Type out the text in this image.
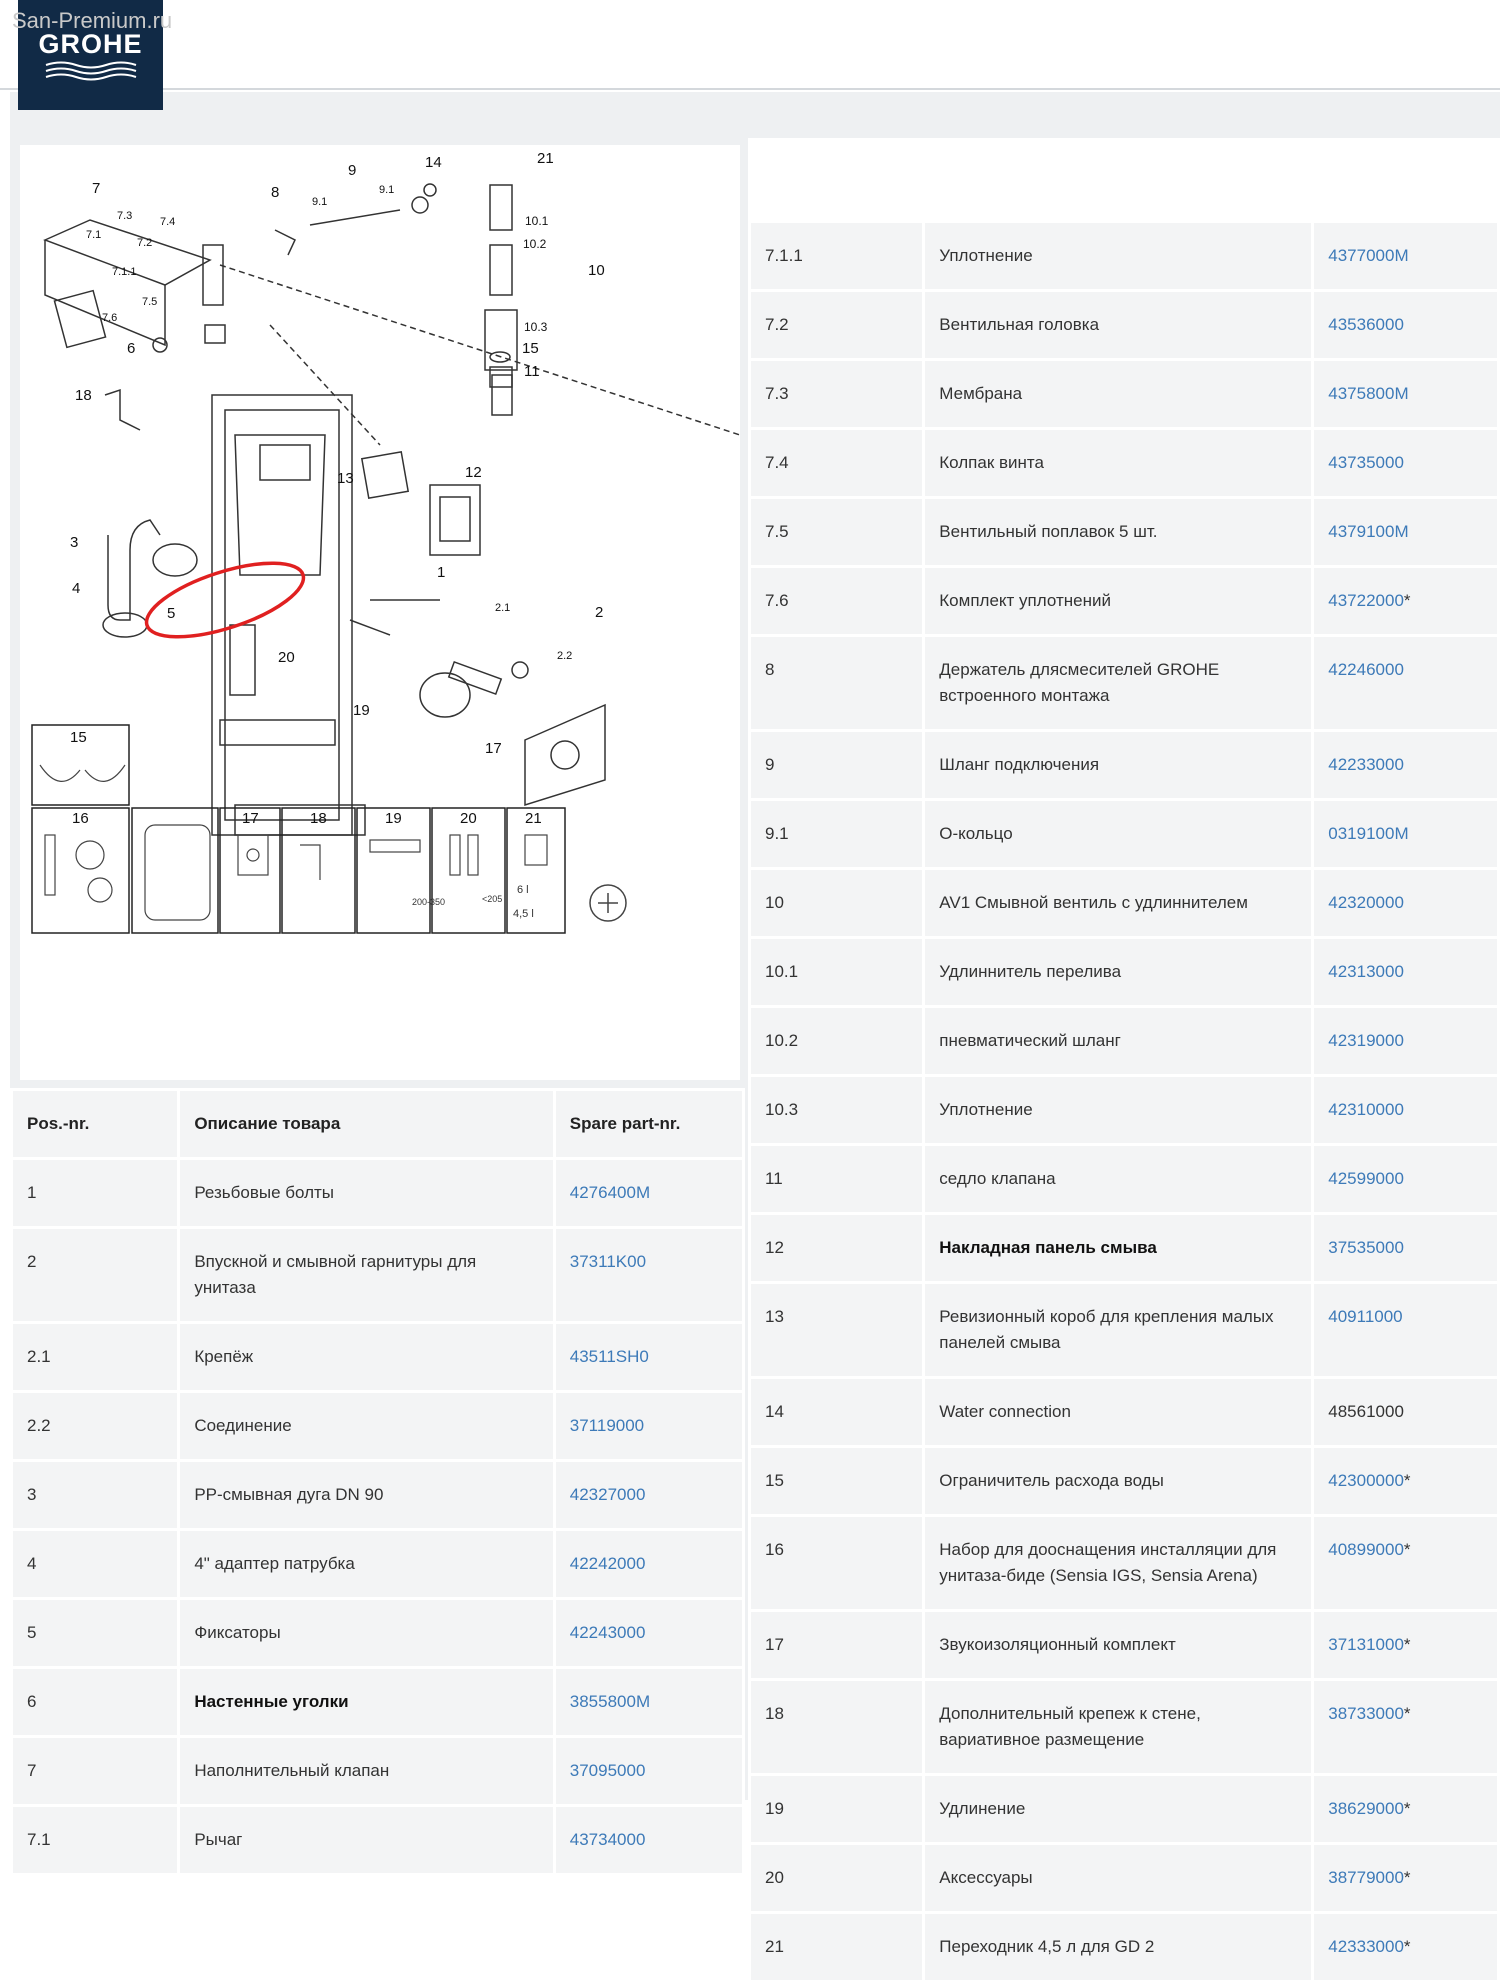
GROHE
San-Premium.ru
21
9	14
7
7.3	7.4
9.1
9.1
8
10.1
10.2
10
7.1
7.2
7.1.1
7.5
7.6
10.3
6	15
11
18
13	12
3
4
1
5	2.1	2
2.2
20
19
17
15
16	17	18	19	20	21
200-350	<205
6 l
4,5 l
Pos.-nr.	Описание товара	Spare part-nr.
1	Резьбовые болты	4276400M
2	Впускной и смывной гарнитуры для унитаза	37311K00
2.1	Крепёж	43511SH0
2.2	Соединение	37119000
3	PP-смывная дуга DN 90	42327000
4	4" адаптер патрубка	42242000
5	Фиксаторы	42243000
6	Настенные уголки	3855800M
7	Наполнительный клапан	37095000
7.1	Рычаг	43734000
7.1.1	Уплотнение	4377000M
7.2	Вентильная головка	43536000
7.3	Мембрана	4375800M
7.4	Колпак винта	43735000
7.5	Вентильный поплавок 5 шт.	4379100M
7.6	Комплект уплотнений	43722000*
8	Держатель длясмесителей GROHE встроенного монтажа	42246000
9	Шланг подключения	42233000
9.1	О-кольцо	0319100M
10	AV1 Смывной вентиль с удлиннителем	42320000
10.1	Удлиннитель перелива	42313000
10.2	пневматический шланг	42319000
10.3	Уплотнение	42310000
11	седло клапана	42599000
12	Накладная панель смыва	37535000
13	Ревизионный короб для крепления малых панелей смыва	40911000
14	Water connection	48561000
15	Ограничитель расхода воды	42300000*
16	Набор для дооснащения инсталляции для унитаза-биде (Sensia IGS, Sensia Arena)	40899000*
17	Звукоизоляционный комплект	37131000*
18	Дополнительный крепеж к стене, вариативное размещение	38733000*
19	Удлинение	38629000*
20	Аксессуары	38779000*
21	Переходник 4,5 л для GD 2	42333000*
